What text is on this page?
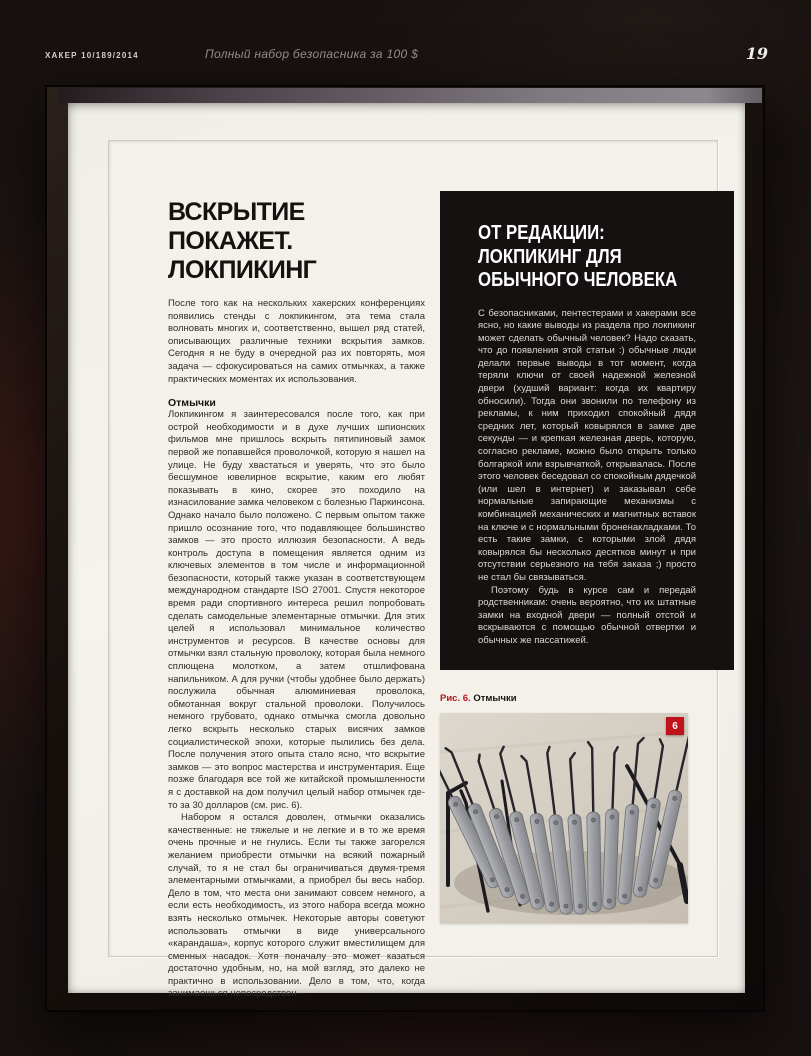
ХАКЕР 10/189/2014	Полный набор безопасника за 100 $	19
ВСКРЫТИЕ ПОКАЖЕТ.
ЛОКПИКИНГ

После того как на нескольких хакерских конференциях появились стенды с локпикингом, эта тема стала волновать многих и, соответственно, вышел ряд статей, описывающих различные техники вскрытия замков. Сегодня я не буду в очередной раз их повторять, моя задача — сфокусироваться на самих отмычках, а также практических моментах их использования.

Отмычки

Локпикингом я заинтересовался после того, как при острой необходимости и в духе лучших шпионских фильмов мне пришлось вскрыть пятипиновый замок первой же попавшейся проволочкой, которую я нашел на улице. Не буду хвастаться и уверять, что это было бесшумное ювелирное вскрытие, каким его любят показывать в кино, скорее это походило на изнасилование замка человеком с болезнью Паркинсона. Однако начало было положено. С первым опытом также пришло осознание того, что подавляющее большинство замков — это просто иллюзия безопасности. А ведь контроль доступа в помещения является одним из ключевых элементов в том числе и информационной безопасности, который также указан в соответствующем международном стандарте ISO 27001. Спустя некоторое время ради спортивного интереса решил попробовать сделать самодельные элементарные отмычки. Для этих целей я использовал минимальное количество инструментов и ресурсов. В качестве основы для отмычки взял стальную проволоку, которая была немного сплющена молотком, а затем отшлифована напильником. А для ручки (чтобы удобнее было держать) послужила обычная алюминиевая проволока, обмотанная вокруг стальной проволоки. Получилось немного грубовато, однако отмычка смогла довольно легко вскрыть несколько старых висячих замков социалистической эпохи, которые пылились без дела. После получения этого опыта стало ясно, что вскрытие замков — это вопрос мастерства и инструментария. Еще позже благодаря все той же китайской промышленности я с доставкой на дом получил целый набор отмычек где-то за 30 долларов (см. рис. 6).

Набором я остался доволен, отмычки оказались качественные: не тяжелые и не легкие и в то же время очень прочные и не гнулись. Если ты также загорелся желанием приобрести отмычки на всякий пожарный случай, то я не стал бы ограничиваться двумя-тремя элементарными отмычками, а приобрел бы весь набор. Дело в том, что места они занимают совсем немного, а если есть необходимость, из этого набора всегда можно взять несколько отмычек. Некоторые авторы советуют использовать отмычки в виде универсального «карандаша», корпус которого служит вместилищем для сменных насадок. Хотя поначалу это может казаться достаточно удобным, но, на мой взгляд, это далеко не практично в использовании. Дело в том, что, когда занимаешься непосредствен-

ОТ РЕДАКЦИИ:
ЛОКПИКИНГ ДЛЯ
ОБЫЧНОГО ЧЕЛОВЕКА

С безопасниками, пентестерами и хакерами все ясно, но какие выводы из раздела про локпикинг может сделать обычный человек? Надо сказать, что до появления этой статьи :) обычные люди делали первые выводы в тот момент, когда теряли ключи от своей надежной железной двери (худший вариант: когда их квартиру обносили). Тогда они звонили по телефону из рекламы, к ним приходил спокойный дядя средних лет, который ковырялся в замке две секунды — и крепкая железная дверь, которую, согласно рекламе, можно было открыть только болгаркой или взрывчаткой, открывалась. После этого человек беседовал со спокойным дядечкой (или шел в интернет) и заказывал себе нормальные запирающие механизмы с комбинацией механических и магнитных вставок на ключе и с нормальными броненакладками. То есть такие замки, с которыми злой дядя ковырялся бы несколько десятков минут и при отсутствии серьезного на тебя заказа ;) просто не стал бы связываться.

Поэтому будь в курсе сам и передай родственникам: очень вероятно, что их штатные замки на входной двери — полный отстой и вскрываются с помощью обычной отвертки и обычных же пассатижей.

Рис. 6. Отмычки
6
